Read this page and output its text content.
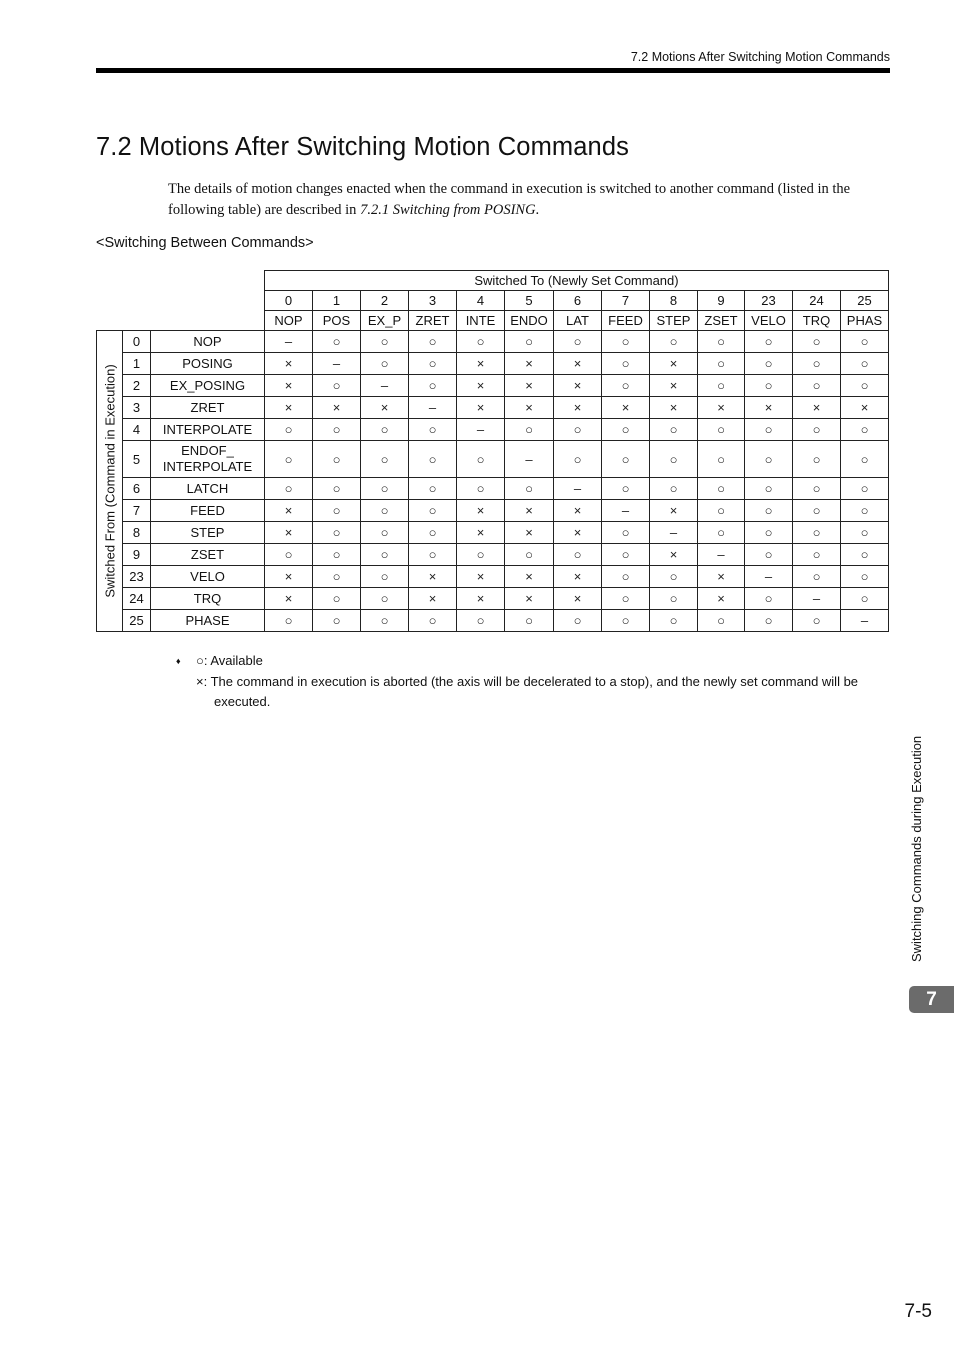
7.2 Motions After Switching Motion Commands
7.2 Motions After Switching Motion Commands

The details of motion changes enacted when the command in execution is switched to another command (listed in the following table) are described in 7.2.1 Switching from POSING.

<Switching Between Commands>
			Switched To (Newly Set Command)												
			0	1	2	3	4	5	6	7	8	9	23	24	25
			NOP	POS	EX_P	ZRET	INTE	ENDO	LAT	FEED	STEP	ZSET	VELO	TRQ	PHAS

Switched From (Command in Execution)	0	NOP	–	○	○	○	○	○	○	○	○	○	○	○	○
	1	POSING	×	–	○	○	×	×	×	○	×	○	○	○	○
	2	EX_POSING	×	○	–	○	×	×	×	○	×	○	○	○	○
	3	ZRET	×	×	×	–	×	×	×	×	×	×	×	×	×
	4	INTERPOLATE	○	○	○	○	–	○	○	○	○	○	○	○	○
	5	ENDOF_
INTERPOLATE	○	○	○	○	○	–	○	○	○	○	○	○	○
	6	LATCH	○	○	○	○	○	○	–	○	○	○	○	○	○
	7	FEED	×	○	○	○	×	×	×	–	×	○	○	○	○
	8	STEP	×	○	○	○	×	×	×	○	–	○	○	○	○
	9	ZSET	○	○	○	○	○	○	○	○	×	–	○	○	○
	23	VELO	×	○	○	×	×	×	×	○	○	×	–	○	○
	24	TRQ	×	○	○	×	×	×	×	○	○	×	○	–	○
	25	PHASE	○	○	○	○	○	○	○	○	○	○	○	○	–
♦ ○: Available
×: The command in execution is aborted (the axis will be decelerated to a stop), and the newly set command will be executed.
Switching Commands during Execution
7
7-5
